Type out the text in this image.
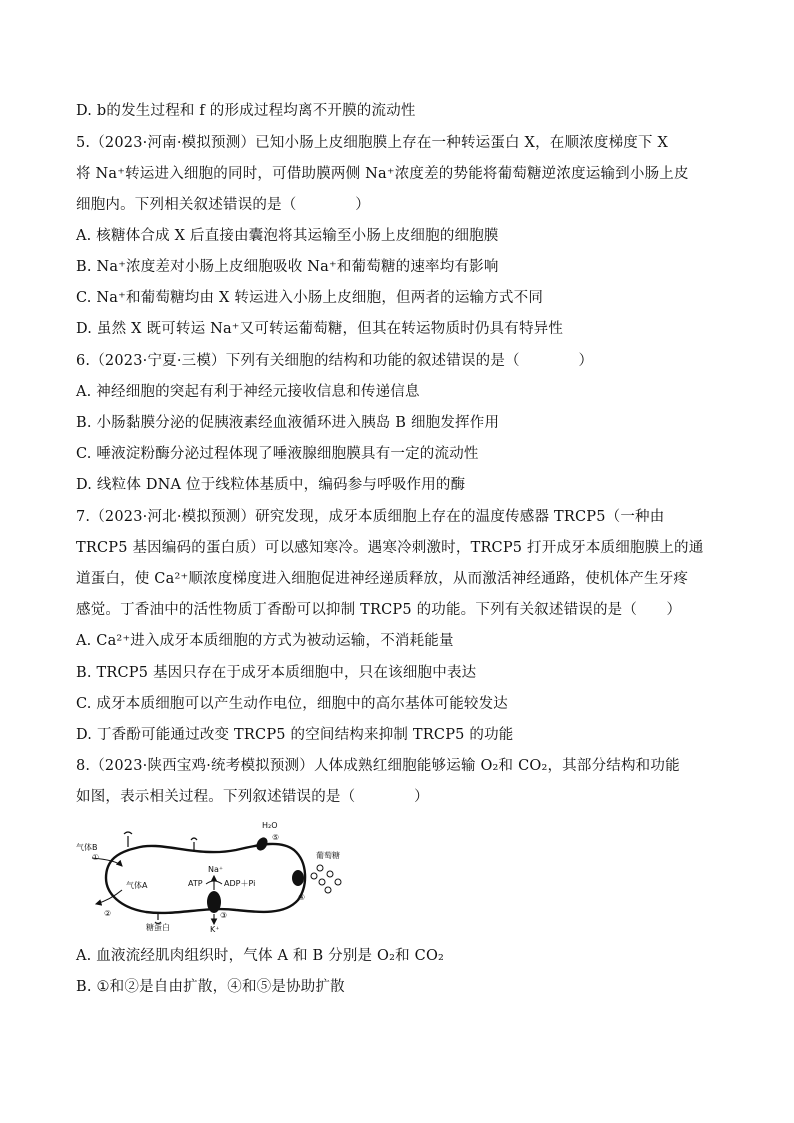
D. b的发生过程和 f 的形成过程均离不开膜的流动性
5.（2023·河南·模拟预测）已知小肠上皮细胞膜上存在一种转运蛋白 X，在顺浓度梯度下 X
将 Na⁺转运进入细胞的同时，可借助膜两侧 Na⁺浓度差的势能将葡萄糖逆浓度运输到小肠上皮
细胞内。下列相关叙述错误的是（　　　　）
A. 核糖体合成 X 后直接由囊泡将其运输至小肠上皮细胞的细胞膜
B. Na⁺浓度差对小肠上皮细胞吸收 Na⁺和葡萄糖的速率均有影响
C. Na⁺和葡萄糖均由 X 转运进入小肠上皮细胞，但两者的运输方式不同
D. 虽然 X 既可转运 Na⁺又可转运葡萄糖，但其在转运物质时仍具有特异性
6.（2023·宁夏·三模）下列有关细胞的结构和功能的叙述错误的是（　　　　）
A. 神经细胞的突起有利于神经元接收信息和传递信息
B. 小肠黏膜分泌的促胰液素经血液循环进入胰岛 B 细胞发挥作用
C. 唾液淀粉酶分泌过程体现了唾液腺细胞膜具有一定的流动性
D. 线粒体 DNA 位于线粒体基质中，编码参与呼吸作用的酶
7.（2023·河北·模拟预测）研究发现，成牙本质细胞上存在的温度传感器 TRCP5（一种由
TRCP5 基因编码的蛋白质）可以感知寒冷。遇寒冷刺激时，TRCP5 打开成牙本质细胞膜上的通
道蛋白，使 Ca²⁺顺浓度梯度进入细胞促进神经递质释放，从而激活神经通路，使机体产生牙疼
感觉。丁香油中的活性物质丁香酚可以抑制 TRCP5 的功能。下列有关叙述错误的是（　　）
A. Ca²⁺进入成牙本质细胞的方式为被动运输，不消耗能量
B. TRCP5 基因只存在于成牙本质细胞中，只在该细胞中表达
C. 成牙本质细胞可以产生动作电位，细胞中的高尔基体可能较发达
D. 丁香酚可能通过改变 TRCP5 的空间结构来抑制 TRCP5 的功能
8.（2023·陕西宝鸡·统考模拟预测）人体成熟红细胞能够运输 O₂和 CO₂，其部分结构和功能
如图，表示相关过程。下列叙述错误的是（　　　　）
气体B
①
气体A
②
糖蛋白
H₂O
⑤
葡萄糖
④
Na⁺
ATP	ADP＋Pi
③
K⁺
A. 血液流经肌肉组织时，气体 A 和 B 分别是 O₂和 CO₂
B. ①和②是自由扩散，④和⑤是协助扩散
